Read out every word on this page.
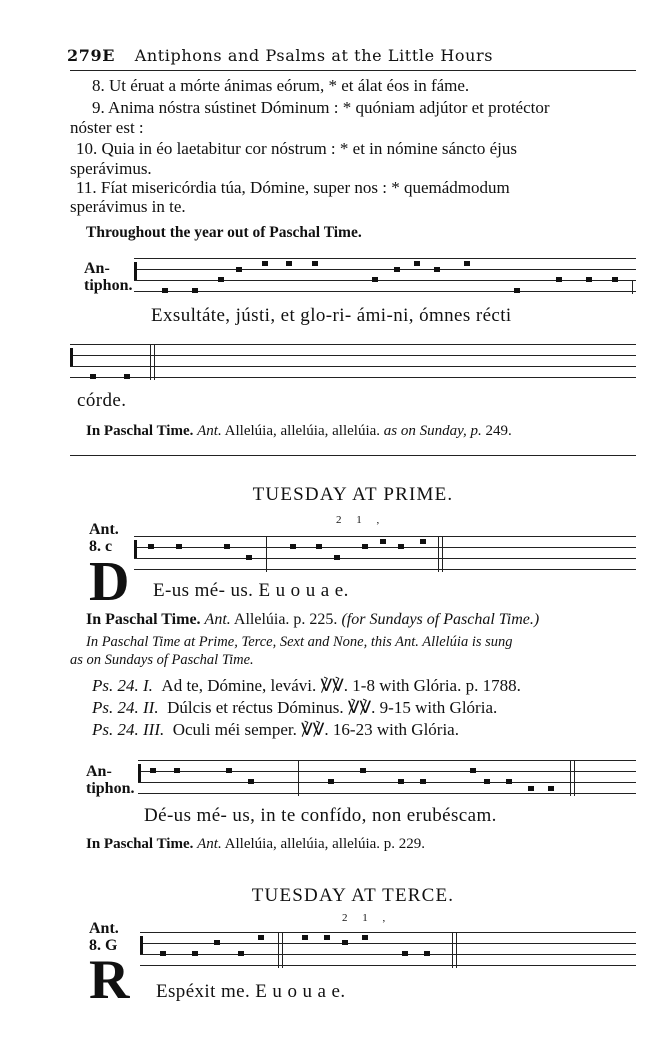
279E Antiphons and Psalms at the Little Hours
8. Ut éruat a mórte ánimas eórum, * et álat éos in fáme.
9. Anima nóstra sústinet Dóminum : * quóniam adjútor et protéctor
nóster est :
10. Quia in éo laetabitur cor nóstrum : * et in nómine sáncto éjus
sperávimus.
11. Fíat misericórdia túa, Dómine, super nos : * quemádmodum
sperávimus in te.
Throughout the year out of Paschal Time.
An-
tiphon.
Exsultáte, jústi, et glo-ri- ámi-ni, ómnes récti
córde.
In Paschal Time. Ant. Allelúia, allelúia, allelúia. as on Sunday, p. 249.
TUESDAY AT PRIME.
Ant.
8. c
2 1 ,
D E-us mé- us. E u o u a e.
In Paschal Time. Ant. Allelúia. p. 225. (for Sundays of Paschal Time.)
In Paschal Time at Prime, Terce, Sext and None, this Ant. Allelúia is sung
as on Sundays of Paschal Time.
Ps. 24. I. Ad te, Dómine, levávi. ℣℣. 1-8 with Glória. p. 1788.
Ps. 24. II. Dúlcis et réctus Dóminus. ℣℣. 9-15 with Glória.
Ps. 24. III. Oculi méi semper. ℣℣. 16-23 with Glória.
An-
tiphon.
Dé-us mé- us, in te confído, non erubéscam.
In Paschal Time. Ant. Allelúia, allelúia, allelúia. p. 229.
TUESDAY AT TERCE.
Ant.
8. G
2 1 ,
R Espéxit me. E u o u a e.
